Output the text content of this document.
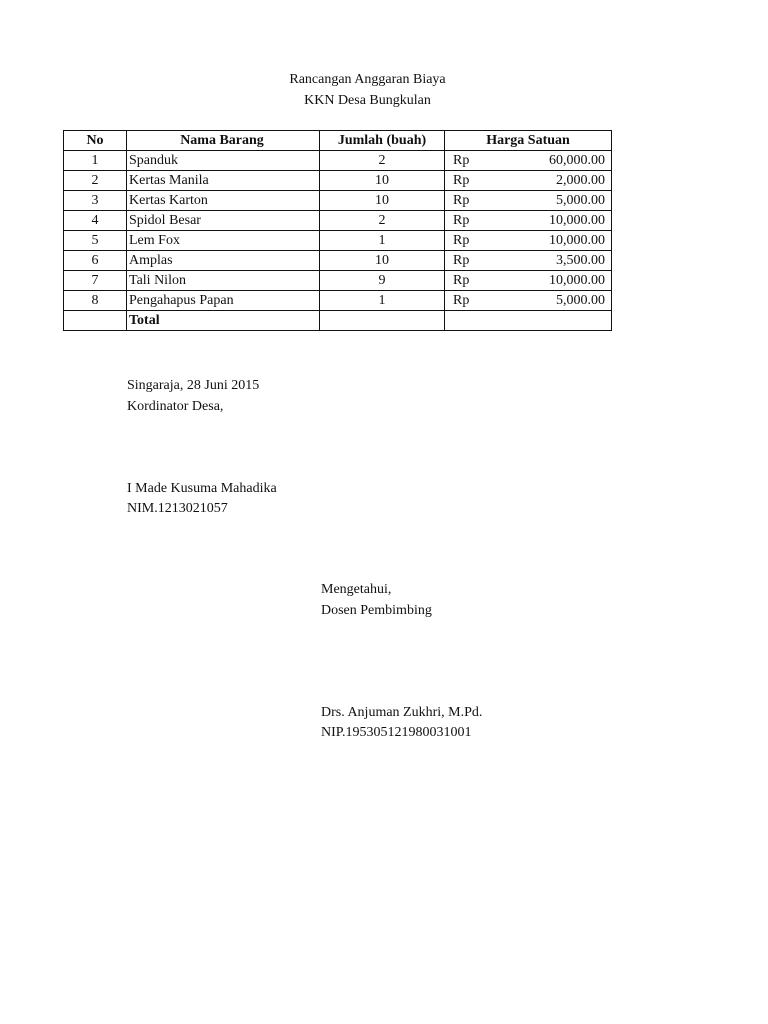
Rancangan Anggaran Biaya
KKN Desa Bungkulan
No	Nama Barang	Jumlah (buah)	Harga Satuan
1	Spanduk	2	Rp 60,000.00

2	Kertas Manila	10	Rp 2,000.00

3	Kertas Karton	10	Rp 5,000.00

4	Spidol Besar	2	Rp 10,000.00

5	Lem Fox	1	Rp 10,000.00

6	Amplas	10	Rp 3,500.00

7	Tali Nilon	9	Rp 10,000.00

8	Pengahapus Papan	1	Rp 5,000.00

	Total		
Singaraja, 28 Juni 2015
Kordinator Desa,
I Made Kusuma Mahadika
NIM.1213021057
Mengetahui,
Dosen Pembimbing
Drs. Anjuman Zukhri, M.Pd.
NIP.195305121980031001
